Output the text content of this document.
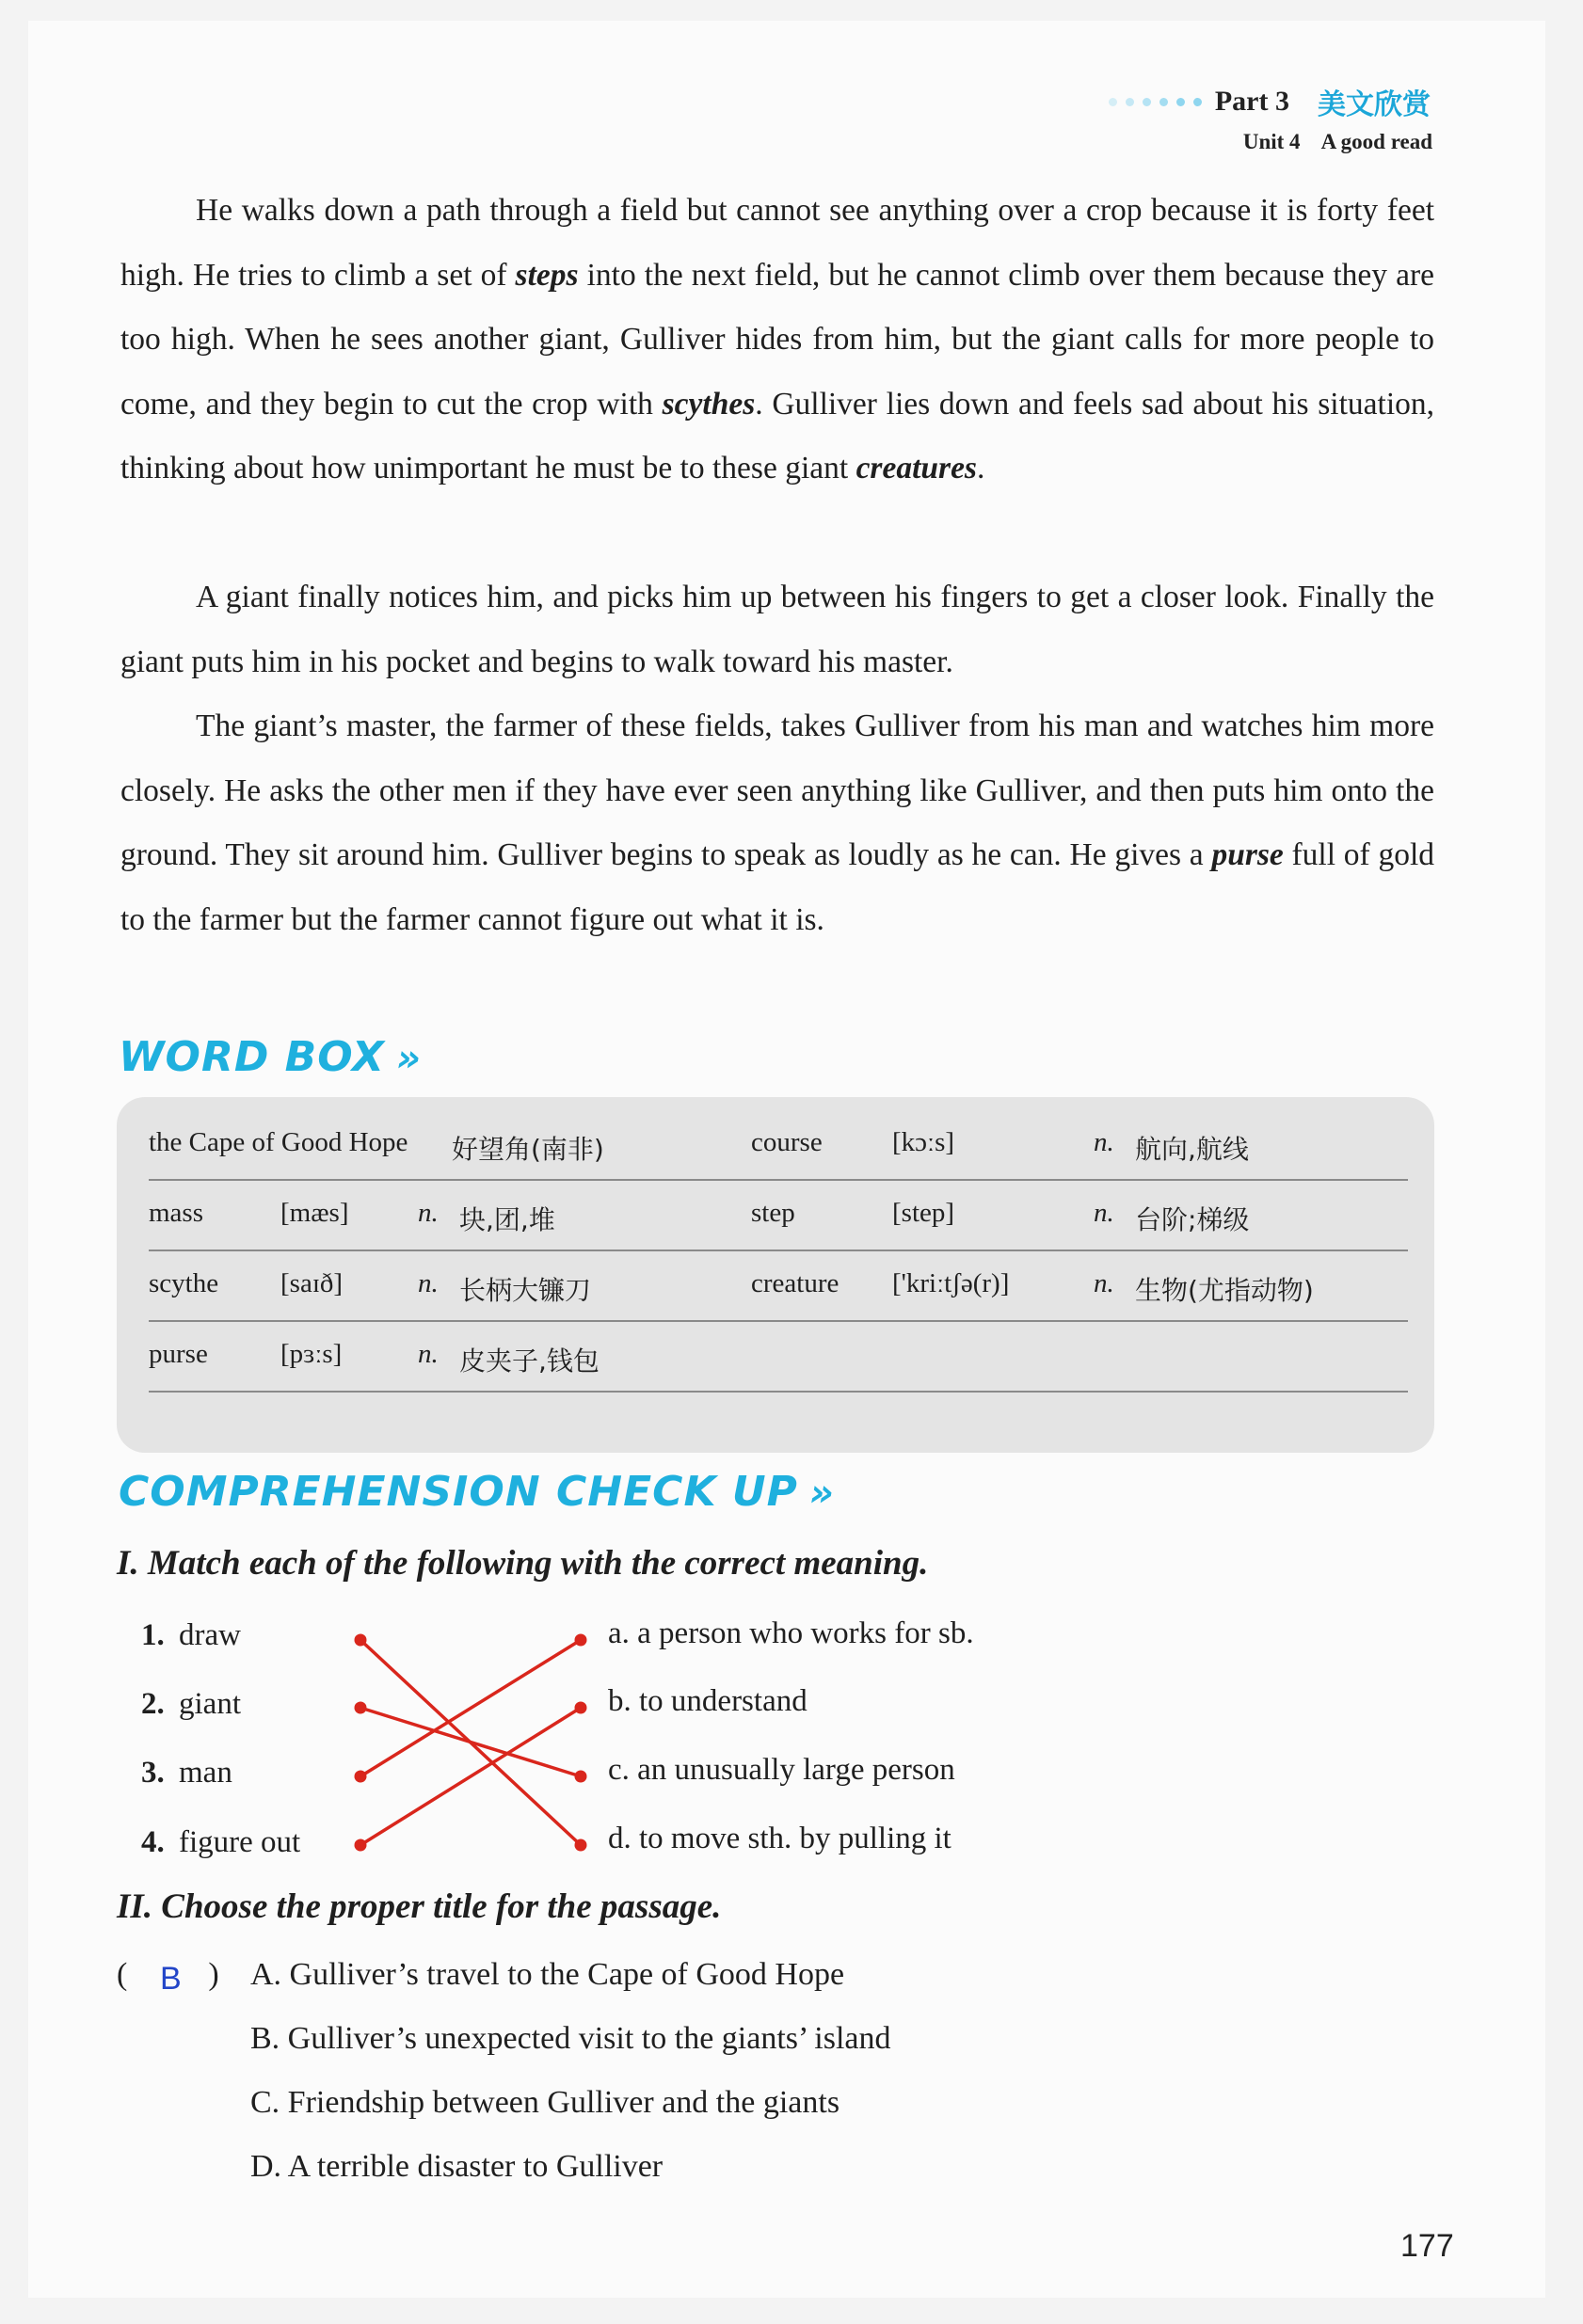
Part 3 美文欣赏
Unit 4 A good read
He walks down a path through a field but cannot see anything over a crop because it is forty feet high. He tries to climb a set of steps into the next field, but he cannot climb over them because they are too high. When he sees another giant, Gulliver hides from him, but the giant calls for more people to come, and they begin to cut the crop with scythes. Gulliver lies down and feels sad about his situation, thinking about how unimportant he must be to these giant creatures.
A giant finally notices him, and picks him up between his fingers to get a closer look. Finally the giant puts him in his pocket and begins to walk toward his master.
The giant’s master, the farmer of these fields, takes Gulliver from his man and watches him more closely. He asks the other men if they have ever seen anything like Gulliver, and then puts him onto the ground. They sit around him. Gulliver begins to speak as loudly as he can. He gives a purse full of gold to the farmer but the farmer cannot figure out what it is.
WORD BOX »
the Cape of Good Hope 好望角(南非)	course	[kɔːs]	n. 航向,航线
mass	[mæs]	n. 块,团,堆	step	[step]	n. 台阶;梯级
scythe [saɪð]	n. 长柄大镰刀	creature ['kriːtʃə(r)]	n. 生物(尤指动物)
purse	[pɜːs]	n. 皮夹子,钱包
COMPREHENSION CHECK UP »
I. Match each of the following with the correct meaning.
1. draw
2. giant
3. man
4. figure out
a. a person who works for sb.
b. to understand
c. an unusually large person
d. to move sth. by pulling it
II. Choose the proper title for the passage.
(	)
B A. Gulliver’s travel to the Cape of Good Hope
B. Gulliver’s unexpected visit to the giants’ island
C. Friendship between Gulliver and the giants
D. A terrible disaster to Gulliver
177
